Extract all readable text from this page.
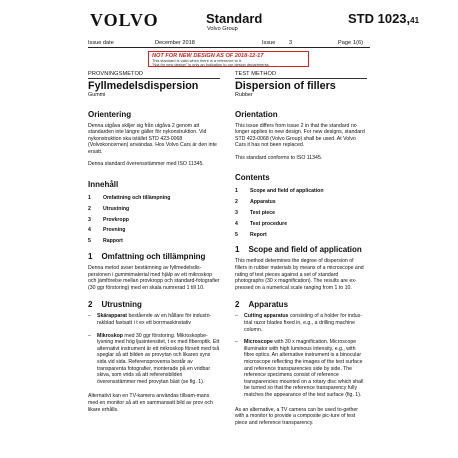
VOLVO	Standard
Volvo Group
STD 1023,41
Issue date	December 2018	Issue 3	Page 1(6)
NOT FOR NEW DESIGN AS OF 2018-12-17
This standard is valid when there is a reference to it.
"Not for new design" is only an indication to our design departments.
PROVNINGSMETOD
Fyllmedelsdispersion
Gummi
Orientering
Denna utgåva skiljer sig från utgåva 2 genom att standarden inte längre gäller för nykonstruktion. Vid nykonstruktion ska istället STD 423-0068 (Volvokoncernen) användas. Hos Volvo Cars är den inte ersatt.
Denna standard överensstämmer med ISO 11345.
Innehåll
1	Omfattning och tillämpning
2	Utrustning
3	Provkropp
4	Provning
5	Rapport
1 Omfattning och tillämpning
Denna metod avser bestämning av fyllmedelsdis-persionen i gummimaterial med hjälp av ett mikroskop och jämförelse mellan provkropp och standard-fotografier (30 ggr förstoring) med en skala numrerad 1 till 10.
2 Utrustning
–	Skärapparat bestående av en hållare för industri-rakblad fastsatt i t ex ett borrmaskinstativ
–	Mikroskop med 30 ggr förstoring. Mikroskopbe-lysning med hög ljusintensitet, t ex med fiberoptik. Ett alternativt instrument är ett mikroskop försett med två speglar så att bilden av provytan och likaren syns sida vid sida. Referensproverna består av transparenta fotografier, monterade på en vridbar skiva, som vrids så att referensbilden överensstämmer med provytan bäst (se fig. 1).
Alternativt kan en TV-kamera användas tillsam-mans med en monitor så att en sammansatt bild av prov och likare erhålls.
TEST METHOD
Dispersion of fillers
Rubber
Orientation
This issue differs from issue 2 in that the standard no longer applies to new design. For new designs, standard STD 423-0068 (Volvo Group) shall be used. At Volvo Cars it has not been replaced.
This standard conforms to ISO 11345.
Contents
1	Scope and field of application
2	Apparatus
3	Test piece
4	Test procedure
5	Report
1 Scope and field of application
This method determines the degree of dispersion of fillers in rubber materials by means of a microscope and rating of test pieces against a set of standard photographs (30 x magnification). The results are ex-pressed on a numerical scale ranging from 1 to 10.
2 Apparatus
–	Cutting apparatus consisting of a holder for indus-trial razor blades fixed in, e.g., a drilling machine column.
–	Microscope with 30 x magnification. Microscope illuminator with high luminous intensity, e.g., with fibre optics. An alternative instrument is a binocular microscope reflecting the images of the test surface and reference transparencies side by side. The reference specimens consist of reference transparencies mounted on a rotary disc which shall be turned so that the reference transparency fully matches the appearance of the test surface (fig. 1).
As an alternative, a TV camera can be used to-gether with a monitor to provide a composite pic-ture of test piece and reference transparency.
